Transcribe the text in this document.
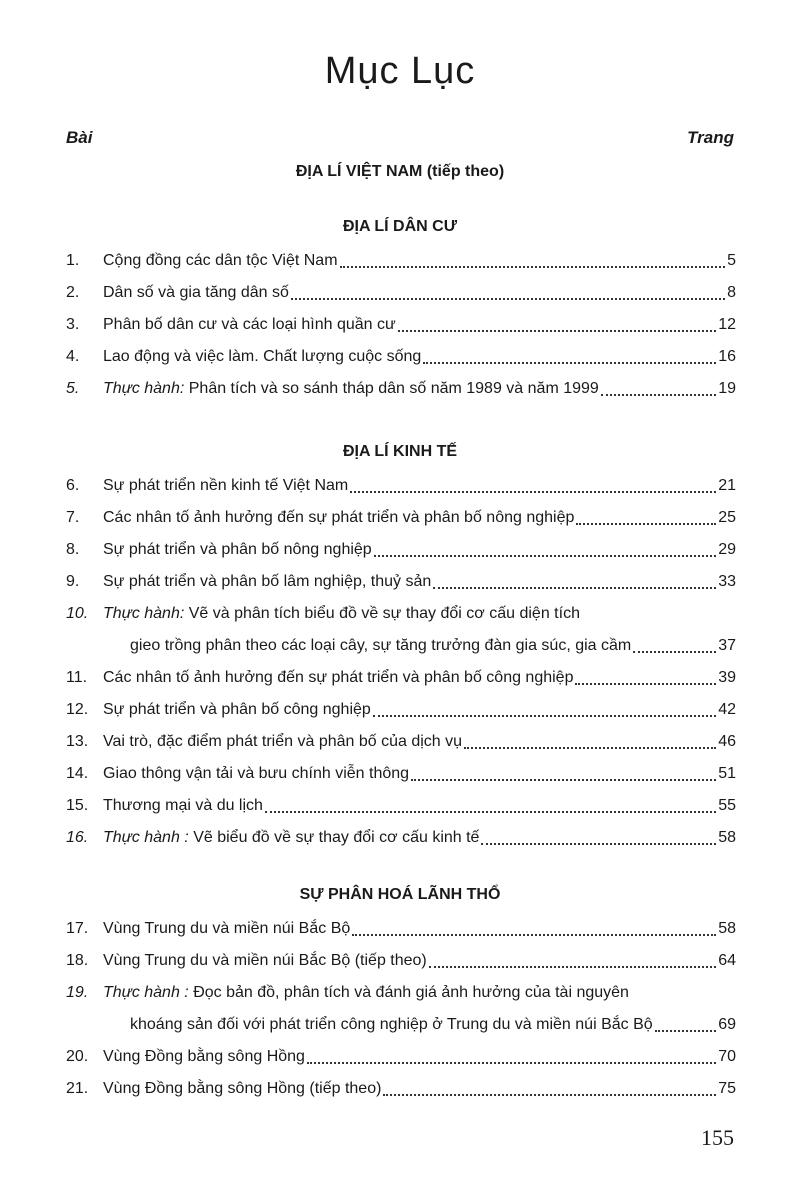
Mục Lục
Bài	Trang
ĐỊA LÍ VIỆT NAM (tiếp theo)
ĐỊA LÍ DÂN CƯ
1. Cộng đồng các dân tộc Việt Nam	5
2. Dân số và gia tăng dân số	8
3. Phân bố dân cư và các loại hình quần cư	12
4. Lao động và việc làm. Chất lượng cuộc sống	16
5. Thực hành: Phân tích và so sánh tháp dân số năm 1989 và năm 1999	19
ĐỊA LÍ KINH TẾ
6. Sự phát triển nền kinh tế Việt Nam	21
7. Các nhân tố ảnh hưởng đến sự phát triển và phân bố nông nghiệp	25
8. Sự phát triển và phân bố nông nghiệp	29
9. Sự phát triển và phân bố lâm nghiệp, thuỷ sản	33
10. Thực hành: Vẽ và phân tích biểu đồ về sự thay đổi cơ cấu diện tích
gieo trồng phân theo các loại cây, sự tăng trưởng đàn gia súc, gia cầm	37
11. Các nhân tố ảnh hưởng đến sự phát triển và phân bố công nghiệp	39
12. Sự phát triển và phân bố công nghiệp	42
13. Vai trò, đặc điểm phát triển và phân bố của dịch vụ	46
14. Giao thông vận tải và bưu chính viễn thông	51
15. Thương mại và du lịch	55
16. Thực hành : Vẽ biểu đồ về sự thay đổi cơ cấu kinh tế	58
SỰ PHÂN HOÁ LÃNH THỔ
17. Vùng Trung du và miền núi Bắc Bộ	58
18. Vùng Trung du và miền núi Bắc Bộ (tiếp theo)	64
19. Thực hành : Đọc bản đồ, phân tích và đánh giá ảnh hưởng của tài nguyên
khoáng sản đối với phát triển công nghiệp ở Trung du và miền núi Bắc Bộ	69
20. Vùng Đồng bằng sông Hồng	70
21. Vùng Đồng bằng sông Hồng (tiếp theo)	75
155
